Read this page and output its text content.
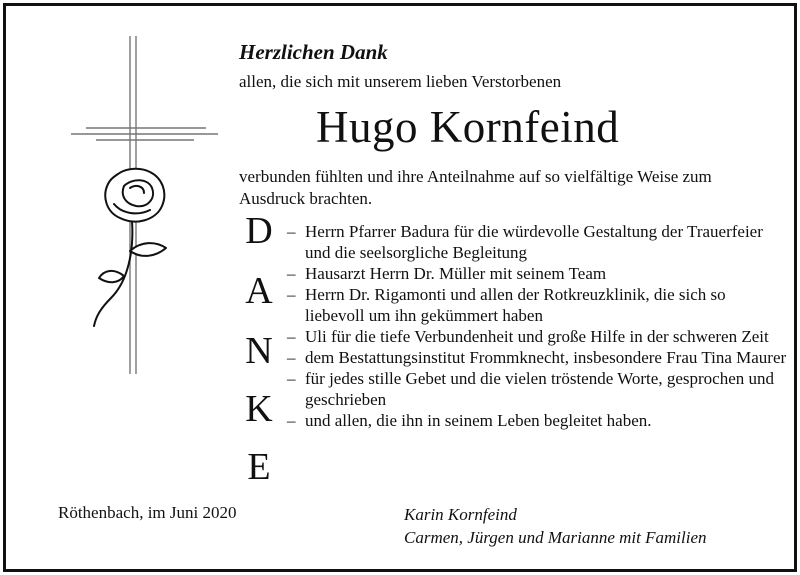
Herzlichen Dank
allen, die sich mit unserem lieben Verstorbenen
Hugo Kornfeind
verbunden fühlten und ihre Anteilnahme auf so vielfältige Weise zum Ausdruck brachten.
D
A
N
K
E
– Herrn Pfarrer Badura für die würdevolle Gestaltung der Trauerfeier und die seelsorgliche Begleitung
– Hausarzt Herrn Dr. Müller mit seinem Team
– Herrn Dr. Rigamonti und allen der Rotkreuzklinik, die sich so liebevoll um ihn gekümmert haben
– Uli für die tiefe Verbundenheit und große Hilfe in der schweren Zeit
– dem Bestattungsinstitut Frommknecht, insbesondere Frau Tina Maurer
– für jedes stille Gebet und die vielen tröstende Worte, gesprochen und geschrieben
– und allen, die ihn in seinem Leben begleitet haben.
Röthenbach, im Juni 2020	Karin Kornfeind
Carmen, Jürgen und Marianne mit Familien
